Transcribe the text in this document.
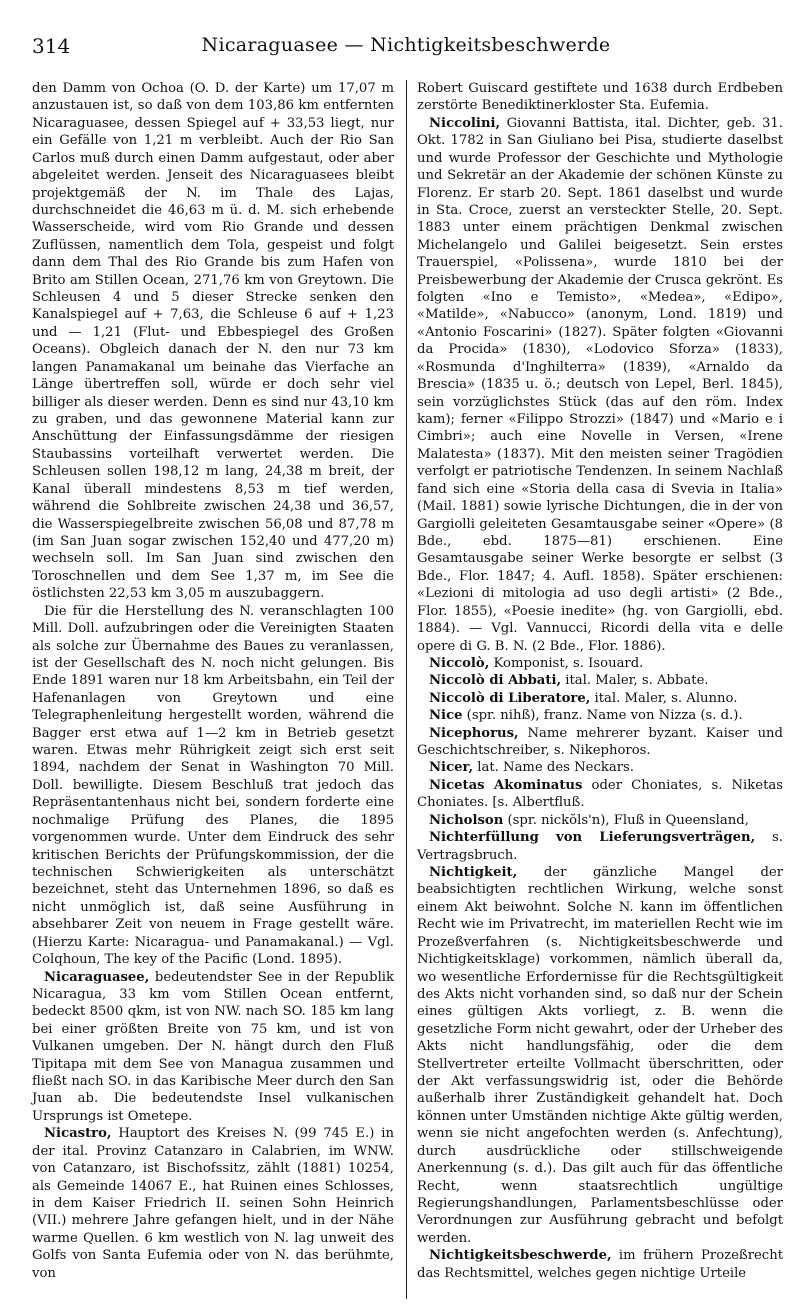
314	Nicaraguasee — Nichtigkeitsbeschwerde

den Damm von Ochoa (O. D. der Karte) um 17,07 m anzustauen ist, so daß von dem 103,86 km entfernten Nicaraguasee, dessen Spiegel auf + 33,53 liegt, nur ein Gefälle von 1,21 m verbleibt. Auch der Rio San Carlos muß durch einen Damm aufgestaut, oder aber abgeleitet werden. Jenseit des Nicaraguasees bleibt projektgemäß der N. im Thale des Lajas, durchschneidet die 46,63 m ü. d. M. sich erhebende Wasserscheide, wird vom Rio Grande und dessen Zuflüssen, namentlich dem Tola, gespeist und folgt dann dem Thal des Rio Grande bis zum Hafen von Brito am Stillen Ocean, 271,76 km von Greytown. Die Schleusen 4 und 5 dieser Strecke senken den Kanalspiegel auf + 7,63, die Schleuse 6 auf + 1,23 und — 1,21 (Flut- und Ebbespiegel des Großen Oceans). Obgleich danach der N. den nur 73 km langen Panamakanal um beinahe das Vierfache an Länge übertreffen soll, würde er doch sehr viel billiger als dieser werden. Denn es sind nur 43,10 km zu graben, und das gewonnene Material kann zur Anschüttung der Einfassungsdämme der riesigen Staubassins vorteilhaft verwertet werden. Die Schleusen sollen 198,12 m lang, 24,38 m breit, der Kanal überall mindestens 8,53 m tief werden, während die Sohlbreite zwischen 24,38 und 36,57, die Wasserspiegelbreite zwischen 56,08 und 87,78 m (im San Juan sogar zwischen 152,40 und 477,20 m) wechseln soll. Im San Juan sind zwischen den Toroschnellen und dem See 1,37 m, im See die östlichsten 22,53 km 3,05 m auszubaggern.

Die für die Herstellung des N. veranschlagten 100 Mill. Doll. aufzubringen oder die Vereinigten Staaten als solche zur Übernahme des Baues zu veranlassen, ist der Gesellschaft des N. noch nicht gelungen. Bis Ende 1891 waren nur 18 km Arbeitsbahn, ein Teil der Hafenanlagen von Greytown und eine Telegraphenleitung hergestellt worden, während die Bagger erst etwa auf 1—2 km in Betrieb gesetzt waren. Etwas mehr Rührigkeit zeigt sich erst seit 1894, nachdem der Senat in Washington 70 Mill. Doll. bewilligte. Diesem Beschluß trat jedoch das Repräsentantenhaus nicht bei, sondern forderte eine nochmalige Prüfung des Planes, die 1895 vorgenommen wurde. Unter dem Eindruck des sehr kritischen Berichts der Prüfungskommission, der die technischen Schwierigkeiten als unterschätzt bezeichnet, steht das Unternehmen 1896, so daß es nicht unmöglich ist, daß seine Ausführung in absehbarer Zeit von neuem in Frage gestellt wäre. (Hierzu Karte: Nicaragua- und Panamakanal.) — Vgl. Colqhoun, The key of the Pacific (Lond. 1895).

Nicaraguasee, bedeutendster See in der Republik Nicaragua, 33 km vom Stillen Ocean entfernt, bedeckt 8500 qkm, ist von NW. nach SO. 185 km lang bei einer größten Breite von 75 km, und ist von Vulkanen umgeben. Der N. hängt durch den Fluß Tipitapa mit dem See von Managua zusammen und fließt nach SO. in das Karibische Meer durch den San Juan ab. Die bedeutendste Insel vulkanischen Ursprungs ist Ometepe.

Nicastro, Hauptort des Kreises N. (99 745 E.) in der ital. Provinz Catanzaro in Calabrien, im WNW. von Catanzaro, ist Bischofssitz, zählt (1881) 10254, als Gemeinde 14067 E., hat Ruinen eines Schlosses, in dem Kaiser Friedrich II. seinen Sohn Heinrich (VII.) mehrere Jahre gefangen hielt, und in der Nähe warme Quellen. 6 km westlich von N. lag unweit des Golfs von Santa Eufemia oder von N. das berühmte, von

Robert Guiscard gestiftete und 1638 durch Erdbeben zerstörte Benediktinerkloster Sta. Eufemia.

Niccolini, Giovanni Battista, ital. Dichter, geb. 31. Okt. 1782 in San Giuliano bei Pisa, studierte daselbst und wurde Professor der Geschichte und Mythologie und Sekretär an der Akademie der schönen Künste zu Florenz. Er starb 20. Sept. 1861 daselbst und wurde in Sta. Croce, zuerst an versteckter Stelle, 20. Sept. 1883 unter einem prächtigen Denkmal zwischen Michelangelo und Galilei beigesetzt. Sein erstes Trauerspiel, «Polissena», wurde 1810 bei der Preisbewerbung der Akademie der Crusca gekrönt. Es folgten «Ino e Temisto», «Medea», «Edipo», «Matilde», «Nabucco» (anonym, Lond. 1819) und «Antonio Foscarini» (1827). Später folgten «Giovanni da Procida» (1830), «Lodovico Sforza» (1833), «Rosmunda d'Inghilterra» (1839), «Arnaldo da Brescia» (1835 u. ö.; deutsch von Lepel, Berl. 1845), sein vorzüglichstes Stück (das auf den röm. Index kam); ferner «Filippo Strozzi» (1847) und «Mario e i Cimbri»; auch eine Novelle in Versen, «Irene Malatesta» (1837). Mit den meisten seiner Tragödien verfolgt er patriotische Tendenzen. In seinem Nachlaß fand sich eine «Storia della casa di Svevia in Italia» (Mail. 1881) sowie lyrische Dichtungen, die in der von Gargiolli geleiteten Gesamtausgabe seiner «Opere» (8 Bde., ebd. 1875—81) erschienen. Eine Gesamtausgabe seiner Werke besorgte er selbst (3 Bde., Flor. 1847; 4. Aufl. 1858). Später erschienen: «Lezioni di mitologia ad uso degli artisti» (2 Bde., Flor. 1855), «Poesie inedite» (hg. von Gargiolli, ebd. 1884). — Vgl. Vannucci, Ricordi della vita e delle opere di G. B. N. (2 Bde., Flor. 1886).

Niccolò, Komponist, s. Isouard.

Niccolò di Abbati, ital. Maler, s. Abbate.

Niccolò di Liberatore, ital. Maler, s. Alunno.

Nice (spr. nihß), franz. Name von Nizza (s. d.).

Nicephorus, Name mehrerer byzant. Kaiser und Geschichtschreiber, s. Nikephoros.

Nicer, lat. Name des Neckars.

Nicetas Akominatus oder Choniates, s. Niketas Choniates. [s. Albertfluß.

Nicholson (spr. nickŏls'n), Fluß in Queensland,

Nichterfüllung von Lieferungsverträgen, s. Vertragsbruch.

Nichtigkeit, der gänzliche Mangel der beabsichtigten rechtlichen Wirkung, welche sonst einem Akt beiwohnt. Solche N. kann im öffentlichen Recht wie im Privatrecht, im materiellen Recht wie im Prozeßverfahren (s. Nichtigkeitsbeschwerde und Nichtigkeitsklage) vorkommen, nämlich überall da, wo wesentliche Erfordernisse für die Rechtsgültigkeit des Akts nicht vorhanden sind, so daß nur der Schein eines gültigen Akts vorliegt, z. B. wenn die gesetzliche Form nicht gewahrt, oder der Urheber des Akts nicht handlungsfähig, oder die dem Stellvertreter erteilte Vollmacht überschritten, oder der Akt verfassungswidrig ist, oder die Behörde außerhalb ihrer Zuständigkeit gehandelt hat. Doch können unter Umständen nichtige Akte gültig werden, wenn sie nicht angefochten werden (s. Anfechtung), durch ausdrückliche oder stillschweigende Anerkennung (s. d.). Das gilt auch für das öffentliche Recht, wenn staatsrechtlich ungültige Regierungshandlungen, Parlamentsbeschlüsse oder Verordnungen zur Ausführung gebracht und befolgt werden.

Nichtigkeitsbeschwerde, im frühern Prozeßrecht das Rechtsmittel, welches gegen nichtige Urteile
